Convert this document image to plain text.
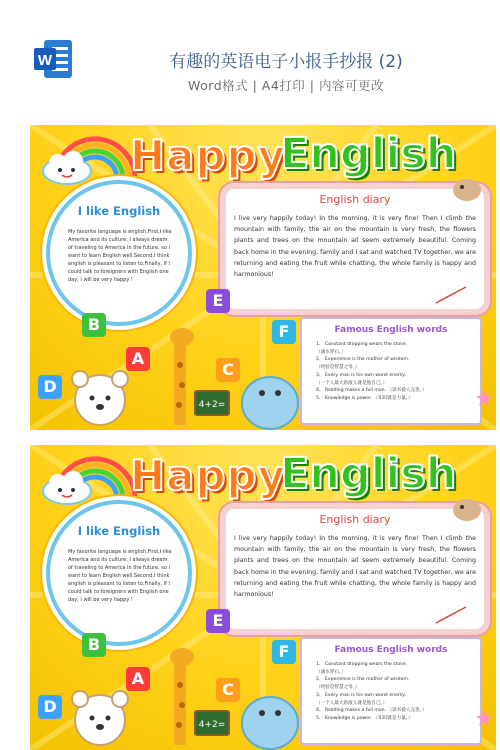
W	有趣的英语电子小报手抄报 (2)
Word格式 | A4打印 | 内容可更改
Happy
English
I like English
My favorite language is english.First,I like America and its culture, I always dream of traveling to America in the future, so I want to learn English well.Second,I think english is pleasant to listen to.Finally, If I could talk to foreigners with English one day, I will be very happy !
English diary
I live very happily today! In the morning, it is very fine! Then I climb the mountain with family, the air on the mountain is very fresh, the flowers plants and trees on the mountain all seem extremely beautiful. Coming back home in the evening, family and I sat and watched TV together, we are returning and eating the fruit while chatting, the whole family is happy and harmonious!
Famous English words
1、 Constant dropping wears the stone.
（滴水穿石。）
2、 Experience is the mother of wisdom.
（经验是智慧之母。）
3、 Every man is his own worst enemy.
（一个人最大的敌人就是他自己。）
4、 Reading makes a full man. （读书使人完善。）
5、 Knowledge is power. （知识就是力量。）
B
A
D
E
C
F
4+2=
Happy
English
I like English
My favorite language is english.First,I like America and its culture, I always dream of traveling to America in the future, so I want to learn English well.Second,I think english is pleasant to listen to.Finally, If I could talk to foreigners with English one day, I will be very happy !
English diary
I live very happily today! In the morning, it is very fine! Then I climb the mountain with family, the air on the mountain is very fresh, the flowers plants and trees on the mountain all seem extremely beautiful. Coming back home in the evening, family and I sat and watched TV together, we are returning and eating the fruit while chatting, the whole family is happy and harmonious!
Famous English words
1、 Constant dropping wears the stone.
（滴水穿石。）
2、 Experience is the mother of wisdom.
（经验是智慧之母。）
3、 Every man is his own worst enemy.
（一个人最大的敌人就是他自己。）
4、 Reading makes a full man. （读书使人完善。）
5、 Knowledge is power. （知识就是力量。）
B
A
D
E
C
F
4+2=
